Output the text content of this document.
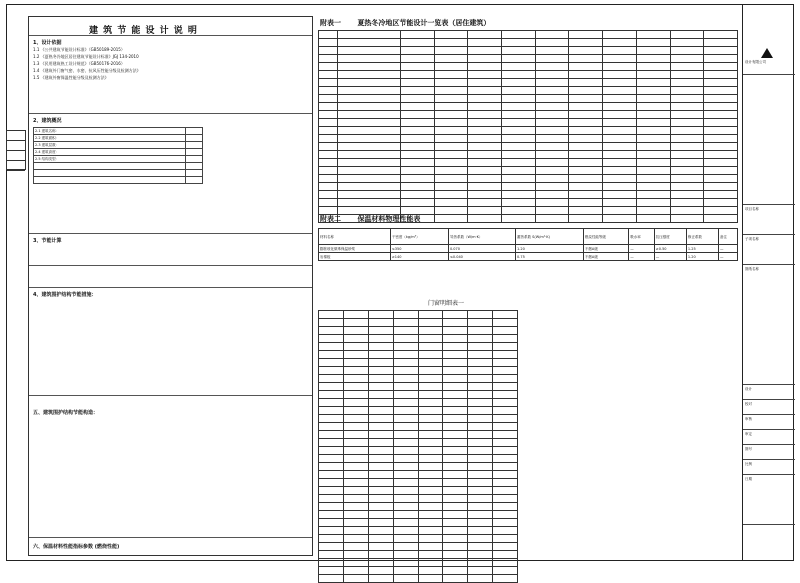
建 筑 节 能 设 计 说 明
1、设计依据
1.1 《公共建筑节能设计标准》（GB50189-2015）
1.2 《夏热冬冷地区居住建筑节能设计标准》JGJ 134-2010
1.3 《民用建筑热工设计规范》（GB50176-2016）
1.4 《建筑外门窗气密、水密、抗风压性能分级及检测方法》
1.5 《建筑外窗保温性能分级及检测方法》
2、建筑概况
2.1 建筑名称：	
2.2 建筑面积：	
2.3 建筑层数：	
2.4 建筑高度：	
2.5 结构类型：	

3、节能计算
4、建筑围护结构节能措施：
五、建筑围护结构节能构造：
六、保温材料性能指标参数 (燃烧性能)
附表一 夏热冬冷地区节能设计一览表（居住建筑）

附表二 保温材料物理性能表
材料名称	干密度（kg/m³）	导热系数（W/m·K）	蓄热系数 S(W/m²·K)	燃烧性能等级	吸水率	抗压强度	修正系数	备注
膨胀玻化微珠保温砂浆	≤350	0.070	1.20	不燃A级	—	≥0.50	1.25	—
岩棉板	≥140	≤0.040	0.75	不燃A级	—	—	1.20	—
门窗明细表一

设计有限公司
项目名称
子项名称
图纸名称
设计
校对
审核
审定
图号
比例
日期
